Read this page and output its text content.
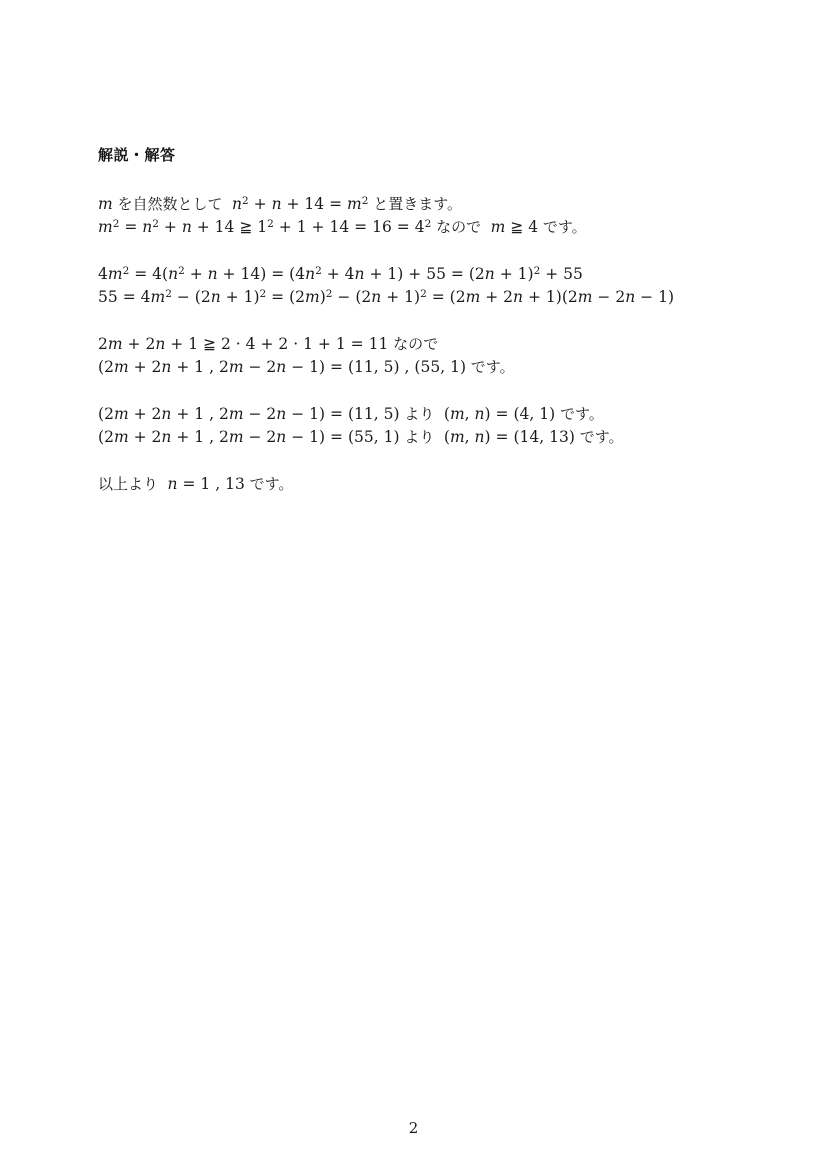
解説・解答
m を自然数として  $n^2 + n + 14 = m^2$ と置きます。
$m^2 = n^2 + n + 14$ ≧ $1^2 + 1 + 14 = 16 = 4^2$ なので  m ≧ 4 です。
$4m^2 = 4(n^2 + n + 14) = (4n^2 + 4n + 1) + 55 = (2n + 1)^2 + 55$
$55 = 4m^2 - (2n + 1)^2 = (2m)^2 - (2n + 1)^2 = (2m + 2n + 1)(2m - 2n - 1)$
2m + 2n + 1 ≧ 2 · 4 + 2 · 1 + 1 = 11 なので
(2m + 2n + 1 , 2m − 2n − 1) = (11, 5) , (55, 1) です。
(2m + 2n + 1 , 2m − 2n − 1) = (11, 5) より  (m, n) = (4, 1) です。
(2m + 2n + 1 , 2m − 2n − 1) = (55, 1) より  (m, n) = (14, 13) です。
以上より  n = 1 , 13 です。
2
